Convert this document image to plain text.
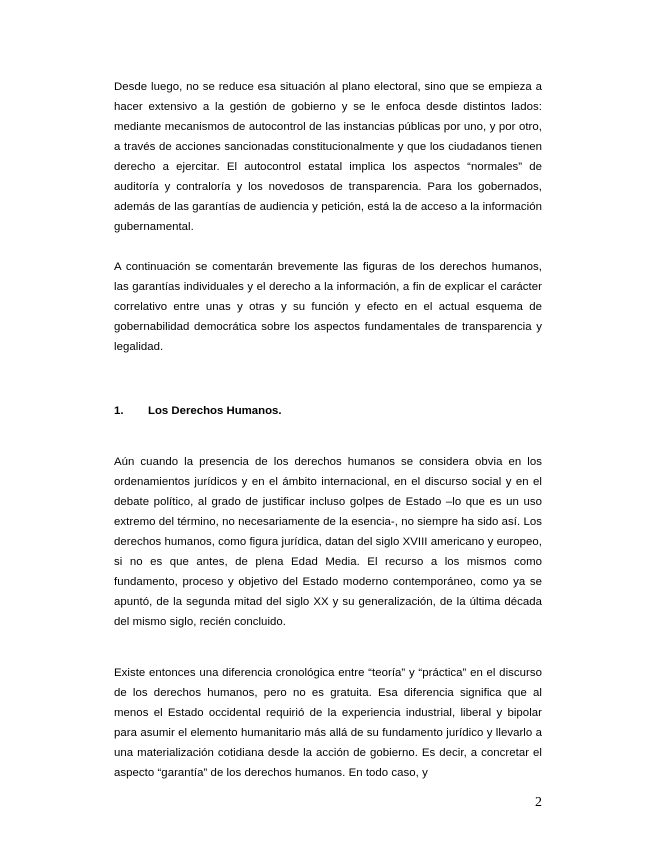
Desde luego, no se reduce esa situación al plano electoral, sino que se empieza a hacer extensivo a la gestión de gobierno y se le enfoca desde distintos lados: mediante mecanismos de autocontrol de las instancias públicas por uno, y por otro, a través de acciones sancionadas constitucionalmente y que los ciudadanos tienen derecho a ejercitar. El autocontrol estatal implica los aspectos “normales” de auditoría y contraloría y los novedosos de transparencia. Para los gobernados, además de las garantías de audiencia y petición, está la de acceso a la información gubernamental.

A continuación se comentarán brevemente las figuras de los derechos humanos, las garantías individuales y el derecho a la información, a fin de explicar el carácter correlativo entre unas y otras y su función y efecto en el actual esquema de gobernabilidad democrática sobre los aspectos fundamentales de transparencia y legalidad.

1. Los Derechos Humanos.

Aún cuando la presencia de los derechos humanos se considera obvia en los ordenamientos jurídicos y en el ámbito internacional, en el discurso social y en el debate político, al grado de justificar incluso golpes de Estado –lo que es un uso extremo del término, no necesariamente de la esencia-, no siempre ha sido así. Los derechos humanos, como figura jurídica, datan del siglo XVIII americano y europeo, si no es que antes, de plena Edad Media. El recurso a los mismos como fundamento, proceso y objetivo del Estado moderno contemporáneo, como ya se apuntó, de la segunda mitad del siglo XX y su generalización, de la última década del mismo siglo, recién concluido.

Existe entonces una diferencia cronológica entre “teoría” y “práctica” en el discurso de los derechos humanos, pero no es gratuita. Esa diferencia significa que al menos el Estado occidental requirió de la experiencia industrial, liberal y bipolar para asumir el elemento humanitario más allá de su fundamento jurídico y llevarlo a una materialización cotidiana desde la acción de gobierno. Es decir, a concretar el aspecto “garantía” de los derechos humanos. En todo caso, y

2
